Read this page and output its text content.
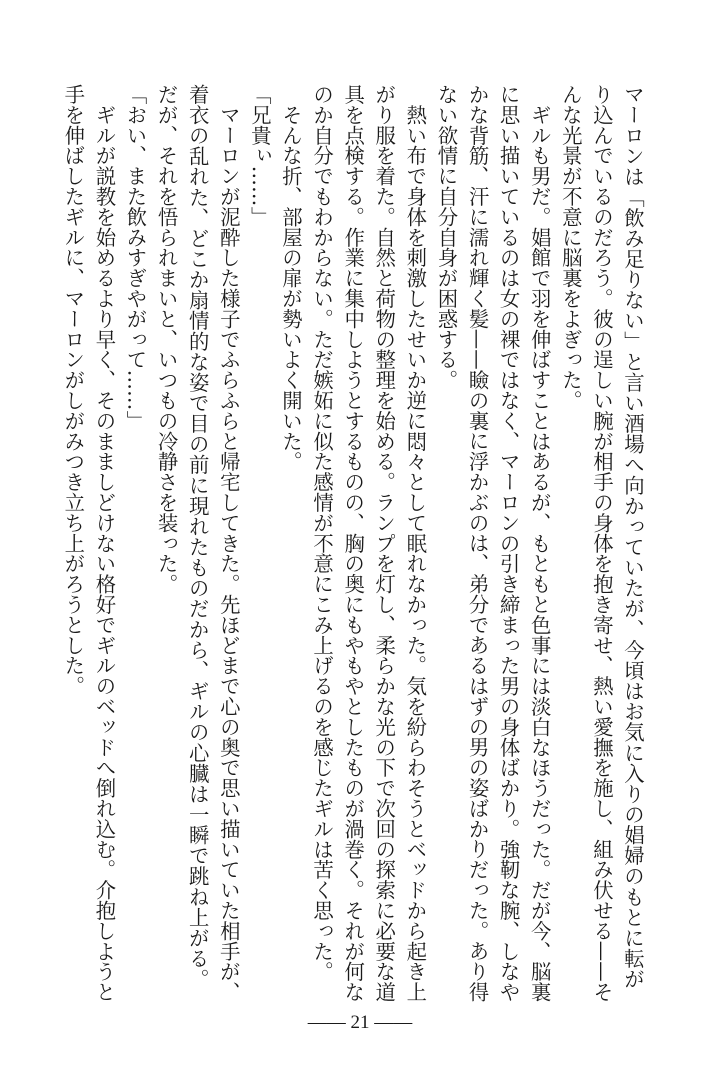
マーロンは「飲み足りない」と言い酒場へ向かっていたが、今頃はお気に入りの娼婦のもとに転が
り込んでいるのだろう。彼の逞しい腕が相手の身体を抱き寄せ、熱い愛撫を施し、組み伏せる——そ
んな光景が不意に脳裏をよぎった。
　ギルも男だ。娼館で羽を伸ばすことはあるが、もともと色事には淡白なほうだった。だが今、脳裏
に思い描いているのは女の裸ではなく、マーロンの引き締まった男の身体ばかり。強靭な腕、しなや
かな背筋、汗に濡れ輝く髪——瞼の裏に浮かぶのは、弟分であるはずの男の姿ばかりだった。あり得
ない欲情に自分自身が困惑する。
　熱い布で身体を刺激したせいか逆に悶々として眠れなかった。気を紛らわそうとベッドから起き上
がり服を着た。自然と荷物の整理を始める。ランプを灯し、柔らかな光の下で次回の探索に必要な道
具を点検する。作業に集中しようとするものの、胸の奥にもやもやとしたものが渦巻く。それが何な
のか自分でもわからない。ただ嫉妬に似た感情が不意にこみ上げるのを感じたギルは苦く思った。
　そんな折、部屋の扉が勢いよく開いた。
「兄貴ぃ……」
　マーロンが泥酔した様子でふらふらと帰宅してきた。先ほどまで心の奥で思い描いていた相手が、
着衣の乱れた、どこか扇情的な姿で目の前に現れたものだから、ギルの心臓は一瞬で跳ね上がる。
だが、それを悟られまいと、いつもの冷静さを装った。
「おい、また飲みすぎやがって……」
　ギルが説教を始めるより早く、そのまましどけない格好でギルのベッドへ倒れ込む。介抱しようと
手を伸ばしたギルに、マーロンがしがみつき立ち上がろうとした。
—— 21 ——
